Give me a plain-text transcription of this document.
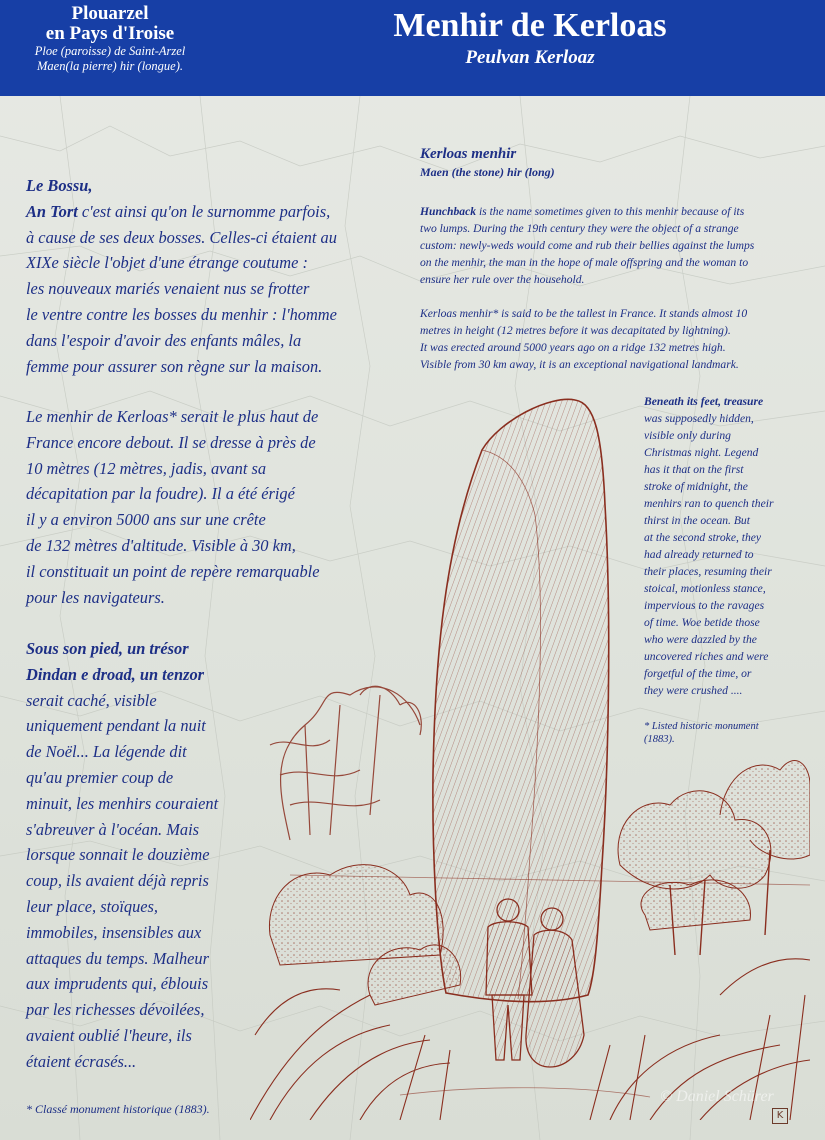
Plouarzel
en Pays d'Iroise
Ploe (paroisse) de Saint-Arzel
Maen(la pierre) hir (longue).
Menhir de Kerloas
Peulvan Kerloaz
Le Bossu,
An Tort c'est ainsi qu'on le surnomme parfois,
à cause de ses deux bosses. Celles-ci étaient au
XIXe siècle l'objet d'une étrange coutume :
les nouveaux mariés venaient nus se frotter
le ventre contre les bosses du menhir : l'homme
dans l'espoir d'avoir des enfants mâles, la
femme pour assurer son règne sur la maison.
Le menhir de Kerloas* serait le plus haut de
France encore debout. Il se dresse à près de
10 mètres (12 mètres, jadis, avant sa
décapitation par la foudre). Il a été érigé
il y a environ 5000 ans sur une crête
de 132 mètres d'altitude. Visible à 30 km,
il constituait un point de repère remarquable
pour les navigateurs.
Sous son pied, un trésor
Dindan e droad, un tenzor
serait caché, visible
uniquement pendant la nuit
de Noël... La légende dit
qu'au premier coup de
minuit, les menhirs couraient
s'abreuver à l'océan. Mais
lorsque sonnait le douzième
coup, ils avaient déjà repris
leur place, stoïques,
immobiles, insensibles aux
attaques du temps. Malheur
aux imprudents qui, éblouis
par les richesses dévoilées,
avaient oublié l'heure, ils
étaient écrasés...
* Classé monument historique (1883).
Kerloas menhir
Maen (the stone) hir (long)
Hunchback is the name sometimes given to this menhir because of its
two lumps. During the 19th century they were the object of a strange
custom: newly-weds would come and rub their bellies against the lumps
on the menhir, the man in the hope of male offspring and the woman to
ensure her rule over the household.
Kerloas menhir* is said to be the tallest in France. It stands almost 10
metres in height (12 metres before it was decapitated by lightning).
It was erected around 5000 years ago on a ridge 132 metres high.
Visible from 30 km away, it is an exceptional navigational landmark.
Beneath its feet, treasure
was supposedly hidden,
visible only during
Christmas night. Legend
has it that on the first
stroke of midnight, the
menhirs ran to quench their
thirst in the ocean. But
at the second stroke, they
had already returned to
their places, resuming their
stoical, motionless stance,
impervious to the ravages
of time. Woe betide those
who were dazzled by the
uncovered riches and were
forgetful of the time, or
they were crushed ....
* Listed historic monument
(1883).
© Daniel Schürer
K
